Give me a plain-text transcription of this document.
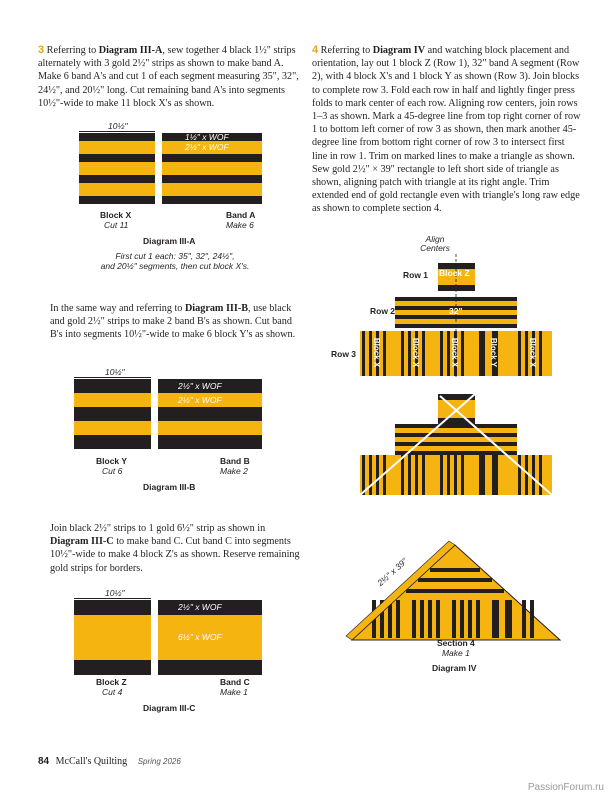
3 Referring to Diagram III-A, sew together 4 black 1½" strips alternately with 3 gold 2½" strips as shown to make band A. Make 6 band A's and cut 1 of each segment measuring 35", 32", 24½", and 20½" long. Cut remaining band A's into segments 10½"-wide to make 11 block X's as shown.
10½"
1½" x WOF
2½" x WOF
Block X
Cut 11
Band A
Make 6
Diagram III-A
First cut 1 each: 35", 32", 24½",
and 20½" segments, then cut block X's.
In the same way and referring to Diagram III-B, use black and gold 2½" strips to make 2 band B's as shown. Cut band B's into segments 10½"-wide to make 6 block Y's as shown.
10½"
2½" x WOF
2½" x WOF
Block Y
Cut 6
Band B
Make 2
Diagram III-B
Join black 2½" strips to 1 gold 6½" strip as shown in Diagram III-C to make band C. Cut band C into segments 10½"-wide to make 4 block Z's as shown. Reserve remaining gold strips for borders.
10½"
2½" x WOF
6½" x WOF
Block Z
Cut 4
Band C
Make 1
Diagram III-C
4 Referring to Diagram IV and watching block placement and orientation, lay out 1 block Z (Row 1), 32" band A segment (Row 2), with 4 block X's and 1 block Y as shown (Row 3). Join blocks to complete row 3. Fold each row in half and lightly finger press folds to mark center of each row. Aligning row centers, join rows 1–3 as shown. Mark a 45-degree line from top right corner of row 1 to bottom left corner of row 3 as shown, then mark another 45-degree line from bottom right corner of row 3 to intersect first line in row 1. Trim on marked lines to make a triangle as shown. Sew gold 2½" × 39" rectangle to left short side of triangle as shown, aligning patch with triangle at its right angle. Trim extended end of gold rectangle even with triangle's long raw edge as shown to complete section 4.
Align
Centers
Row 1
Row 2
Row 3
Block Z
32"
Block X	Block X	Block X	Block Y	Block X
2½" x 39"
Section 4
Make 1
Diagram IV
84 McCall's Quilting Spring 2026
PassionForum.ru
